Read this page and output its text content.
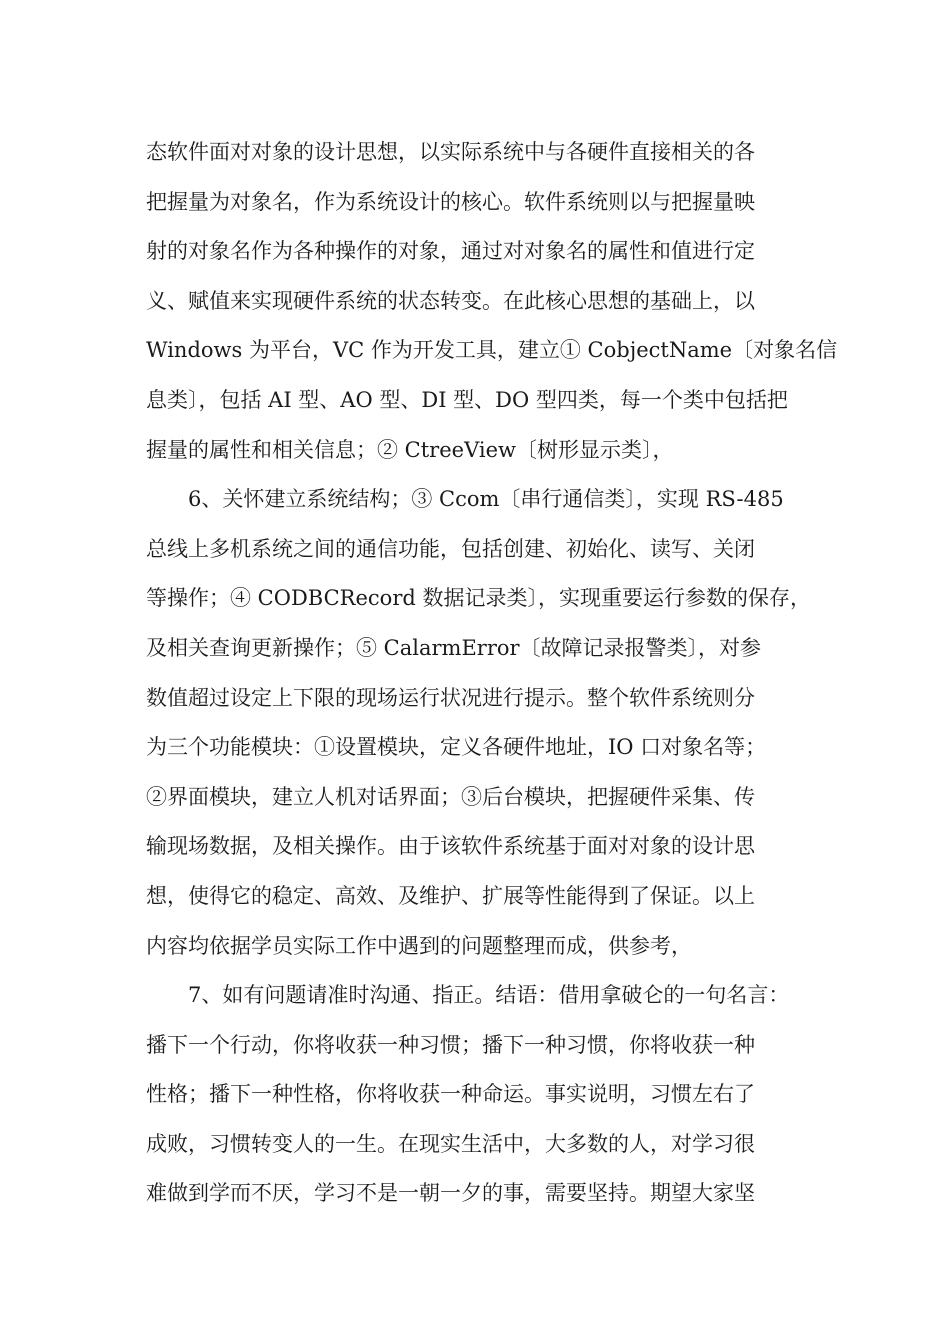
态软件面对对象的设计思想，以实际系统中与各硬件直接相关的各
把握量为对象名，作为系统设计的核心。软件系统则以与把握量映
射的对象名作为各种操作的对象，通过对对象名的属性和值进行定
义、赋值来实现硬件系统的状态转变。在此核心思想的基础上，以
Windows 为平台，VC 作为开发工具，建立① CobjectName〔对象名信
息类〕，包括 AI 型、AO 型、DI 型、DO 型四类，每一个类中包括把
握量的属性和相关信息；② CtreeView〔树形显示类〕，
6、关怀建立系统结构；③ Ccom〔串行通信类〕，实现 RS-485
总线上多机系统之间的通信功能，包括创建、初始化、读写、关闭
等操作；④ CODBCRecord 数据记录类〕，实现重要运行参数的保存，
及相关查询更新操作；⑤ CalarmError〔故障记录报警类〕，对参
数值超过设定上下限的现场运行状况进行提示。整个软件系统则分
为三个功能模块：①设置模块，定义各硬件地址，IO 口对象名等；
②界面模块，建立人机对话界面；③后台模块，把握硬件采集、传
输现场数据，及相关操作。由于该软件系统基于面对对象的设计思
想，使得它的稳定、高效、及维护、扩展等性能得到了保证。以上
内容均依据学员实际工作中遇到的问题整理而成，供参考，
7、如有问题请准时沟通、指正。结语：借用拿破仑的一句名言：
播下一个行动，你将收获一种习惯；播下一种习惯，你将收获一种
性格；播下一种性格，你将收获一种命运。事实说明，习惯左右了
成败，习惯转变人的一生。在现实生活中，大多数的人，对学习很
难做到学而不厌，学习不是一朝一夕的事，需要坚持。期望大家坚
